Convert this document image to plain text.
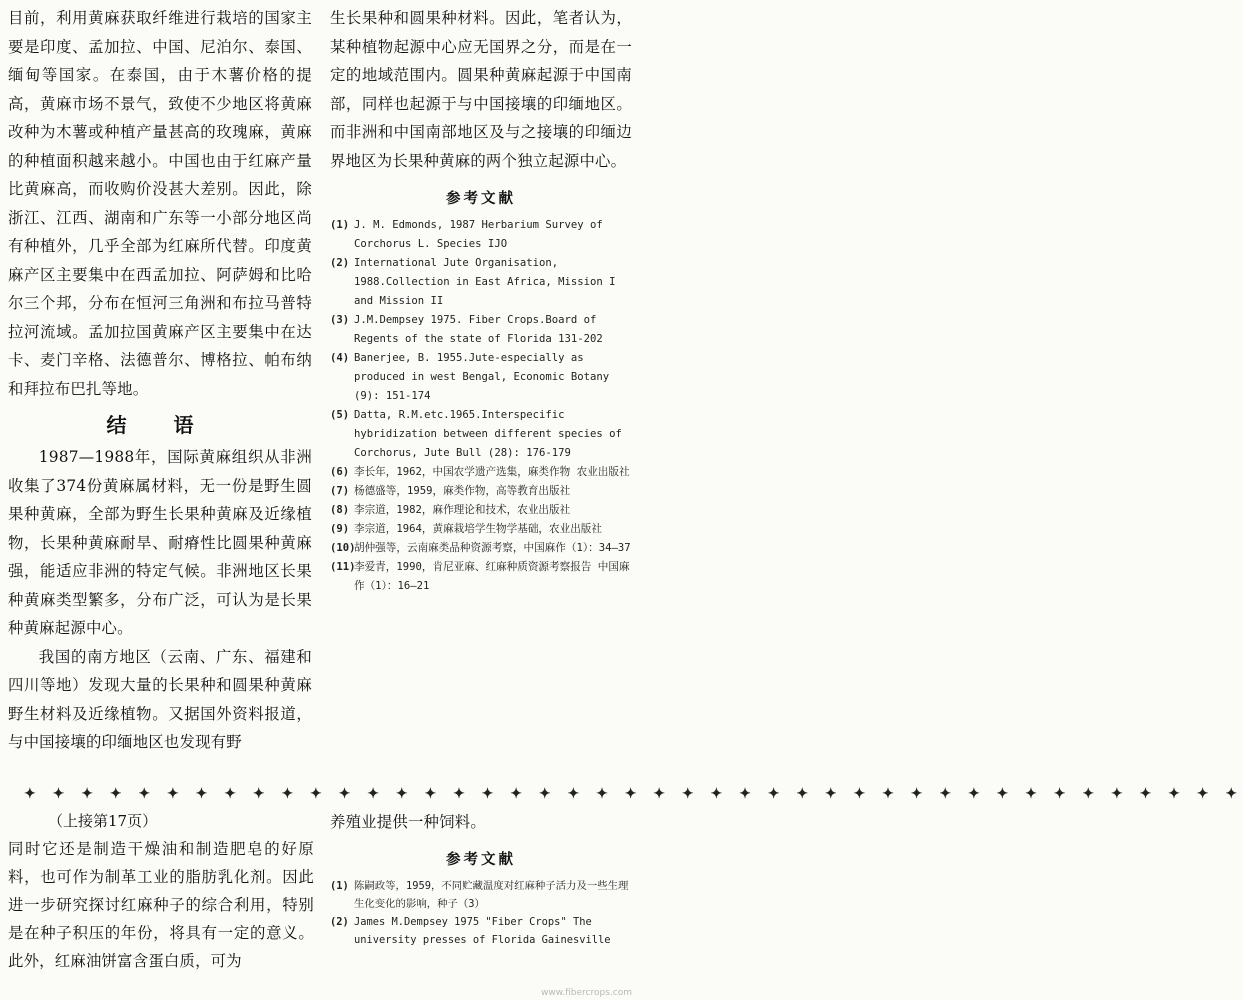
目前，利用黄麻获取纤维进行栽培的国家主要是印度、孟加拉、中国、尼泊尔、泰国、缅甸等国家。在泰国，由于木薯价格的提高，黄麻市场不景气，致使不少地区将黄麻改种为木薯或种植产量甚高的玫瑰麻，黄麻的种植面积越来越小。中国也由于红麻产量比黄麻高，而收购价没甚大差别。因此，除浙江、江西、湖南和广东等一小部分地区尚有种植外，几乎全部为红麻所代替。印度黄麻产区主要集中在西孟加拉、阿萨姆和比哈尔三个邦，分布在恒河三角洲和布拉马普特拉河流域。孟加拉国黄麻产区主要集中在达卡、麦门辛格、法德普尔、博格拉、帕布纳和拜拉布巴扎等地。

结 语

1987—1988年，国际黄麻组织从非洲收集了374份黄麻属材料，无一份是野生圆果种黄麻，全部为野生长果种黄麻及近缘植物，长果种黄麻耐旱、耐瘠性比圆果种黄麻强，能适应非洲的特定气候。非洲地区长果种黄麻类型繁多，分布广泛，可认为是长果种黄麻起源中心。

我国的南方地区（云南、广东、福建和四川等地）发现大量的长果种和圆果种黄麻野生材料及近缘植物。又据国外资料报道，与中国接壤的印缅地区也发现有野

生长果种和圆果种材料。因此，笔者认为，某种植物起源中心应无国界之分，而是在一定的地域范围内。圆果种黄麻起源于中国南部，同样也起源于与中国接壤的印缅地区。而非洲和中国南部地区及与之接壤的印缅边界地区为长果种黄麻的两个独立起源中心。

参考文献
(1) J. M. Edmonds, 1987 Herbarium Survey of Corchorus L. Species IJO
(2) International Jute Organisation, 1988.Collection in East Africa, Mission I and Mission II
(3) J.M.Dempsey 1975. Fiber Crops.Board of Regents of the state of Florida 131-202
(4) Banerjee, B. 1955.Jute-especially as produced in west Bengal, Economic Botany (9): 151-174
(5) Datta, R.M.etc.1965.Interspecific hybridization between different species of Corchorus, Jute Bull (28): 176-179
(6) 李长年，1962，中国农学遗产选集，麻类作物 农业出版社
(7) 杨德盛等，1959，麻类作物，高等教育出版社
(8) 李宗道，1982，麻作理论和技术，农业出版社
(9) 李宗道，1964，黄麻栽培学生物学基础，农业出版社
(10)
胡仲强等，云南麻类品种资源考察，中国麻作（1）：34—37
(11)
李爱青，1990，肯尼亚麻、红麻种质资源考察报告 中国麻作（1）：16—21
✦ ✦ ✦ ✦ ✦ ✦ ✦ ✦ ✦ ✦ ✦ ✦ ✦ ✦ ✦ ✦ ✦ ✦ ✦ ✦ ✦ ✦ ✦ ✦ ✦ ✦ ✦ ✦ ✦ ✦ ✦ ✦ ✦ ✦ ✦ ✦ ✦ ✦ ✦ ✦ ✦ ✦ ✦

（上接第17页）

同时它还是制造干燥油和制造肥皂的好原料，也可作为制革工业的脂肪乳化剂。因此进一步研究探讨红麻种子的综合利用，特别是在种子积压的年份，将具有一定的意义。此外，红麻油饼富含蛋白质，可为

养殖业提供一种饲料。

参考文献
(1) 陈嗣政等，1959，不同贮藏温度对红麻种子活力及一些生理生化变化的影响，种子（3）
(2) James M.Dempsey 1975 "Fiber Crops" The university presses of Florida Gainesville
www.fibercrops.com
